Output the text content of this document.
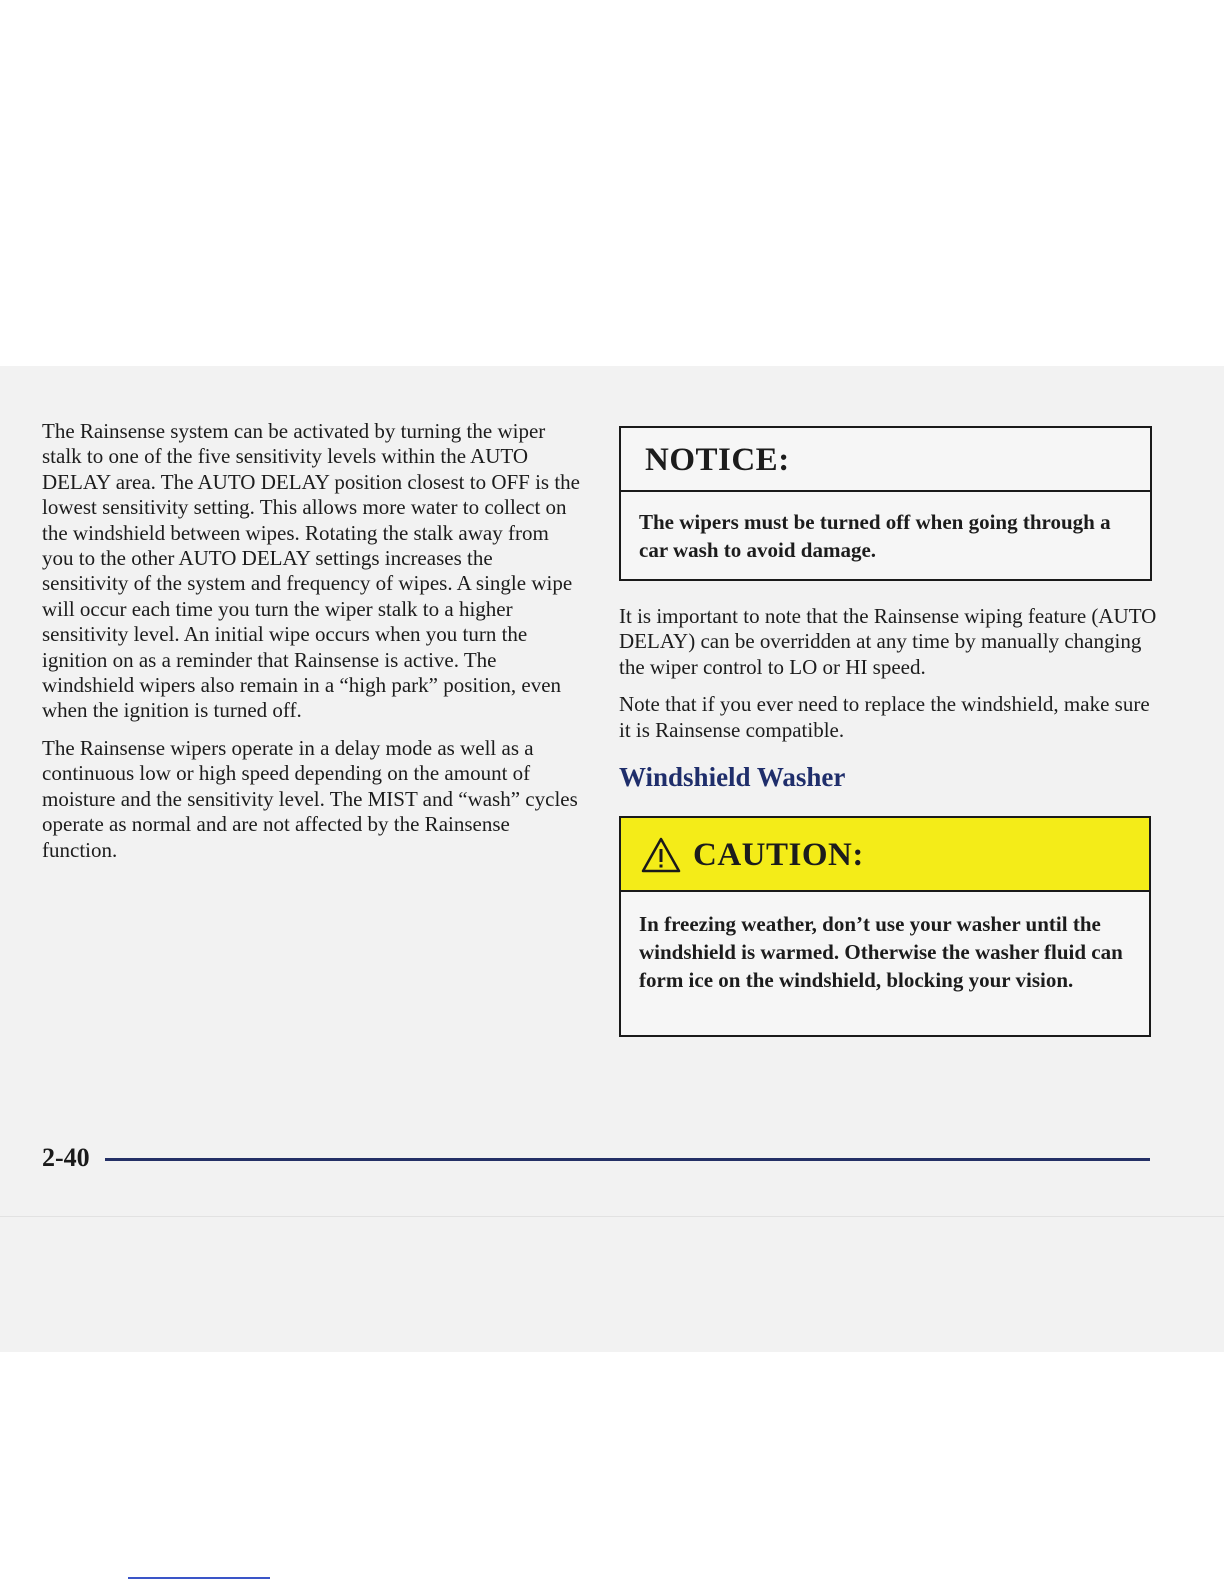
The Rainsense system can be activated by turning the wiper stalk to one of the five sensitivity levels within the AUTO DELAY area. The AUTO DELAY position closest to OFF is the lowest sensitivity setting. This allows more water to collect on the windshield between wipes. Rotating the stalk away from you to the other AUTO DELAY settings increases the sensitivity of the system and frequency of wipes. A single wipe will occur each time you turn the wiper stalk to a higher sensitivity level. An initial wipe occurs when you turn the ignition on as a reminder that Rainsense is active. The windshield wipers also remain in a “high park” position, even when the ignition is turned off.

The Rainsense wipers operate in a delay mode as well as a continuous low or high speed depending on the amount of moisture and the sensitivity level. The MIST and “wash” cycles operate as normal and are not affected by the Rainsense function.

NOTICE:
The wipers must be turned off when going through a car wash to avoid damage.

It is important to note that the Rainsense wiping feature (AUTO DELAY) can be overridden at any time by manually changing the wiper control to LO or HI speed.

Note that if you ever need to replace the windshield, make sure it is Rainsense compatible.

Windshield Washer
CAUTION:
In freezing weather, don’t use your washer until the windshield is warmed. Otherwise the washer fluid can form ice on the windshield, blocking your vision.
2-40
